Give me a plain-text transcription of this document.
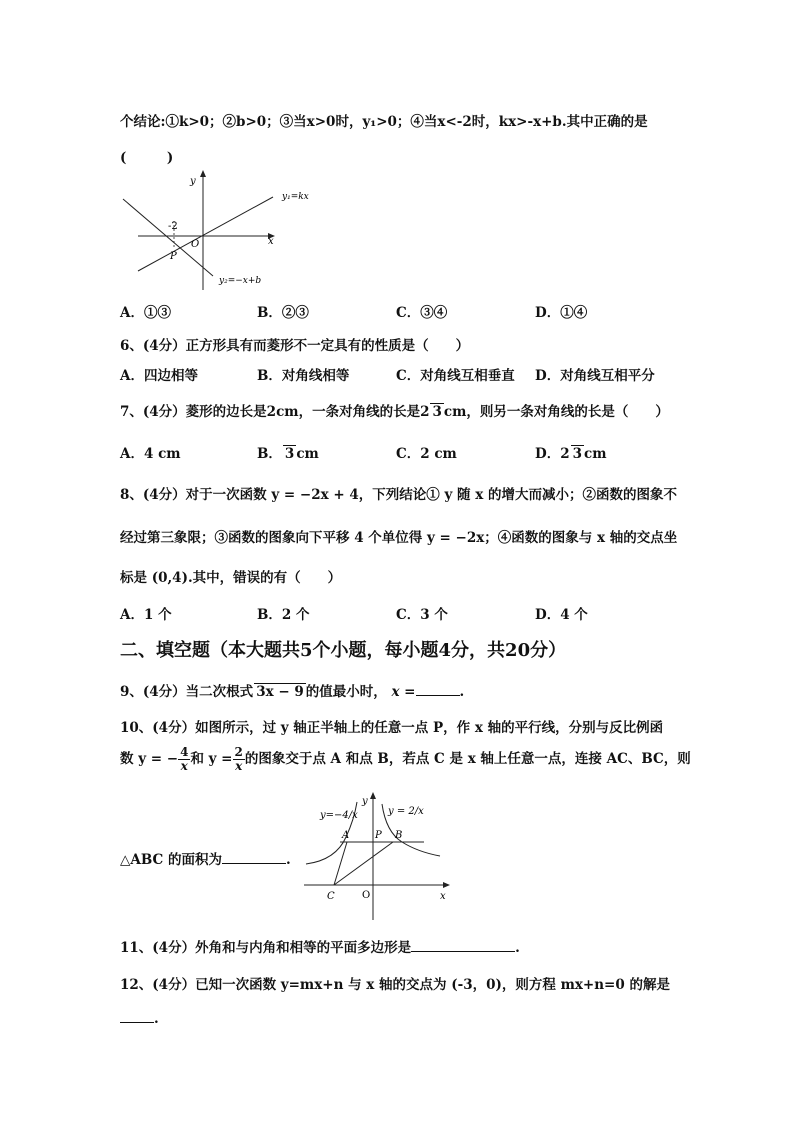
个结论:①k>0；②b>0；③当x>0时，y₁>0；④当x<-2时，kx>-x+b.其中正确的是
(　　　)
y
x
y₁=kx
y₂=−x+b
-2
O
P
A．①③	B．②③	C．③④	D．①④
6、(4分）正方形具有而菱形不一定具有的性质是（　　）
A．四边相等	B．对角线相等	C．对角线互相垂直 D．对角线互相平分
7、(4分）菱形的边长是2cm，一条对角线的长是2 3 cm，则另一条对角线的长是（　　）
A．4 cm	B． 3 cm	C．2 cm	D．2 3 cm
8、(4分）对于一次函数 y = −2x + 4，下列结论① y 随 x 的增大而减小；②函数的图象不
经过第三象限；③函数的图象向下平移 4 个单位得 y = −2x；④函数的图象与 x 轴的交点坐
标是 (0,4).其中，错误的有（　　）
A．1 个	B．2 个	C．3 个	D．4 个
二、填空题（本大题共5个小题，每小题4分，共20分）
9、(4分）当二次根式 3x − 9 的值最小时， x =	.
10、(4分）如图所示，过 y 轴正半轴上的任意一点 P，作 x 轴的平行线，分别与反比例函
数 y = − $\frac{4}{x}$ 和 $y = \frac{2}{x}$ 的图象交于点 A 和点 B，若点 C 是 x 轴上任意一点，连接 AC、BC，则
△ABC 的面积为	.
y=−4/x	y = 2/x
y
x
A	P B
C	O
11、(4分）外角和与内角和相等的平面多边形是	.
12、(4分）已知一次函数 y=mx+n 与 x 轴的交点为 (-3，0)，则方程 mx+n=0 的解是
.
